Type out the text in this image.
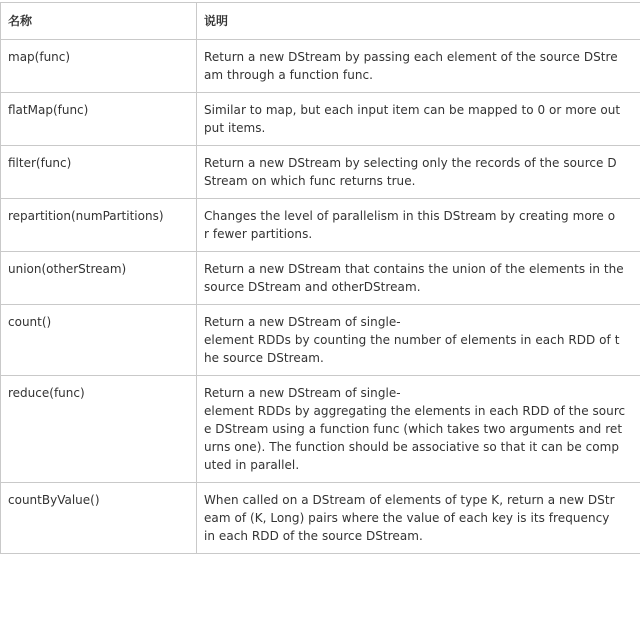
名称	说明

map(func)	Return a new DStream by passing each element of the source DStre
am through a function func.
flatMap(func)	Similar to map, but each input item can be mapped to 0 or more out
put items.
filter(func)	Return a new DStream by selecting only the records of the source D
Stream on which func returns true.
repartition(numPartitions)	Changes the level of parallelism in this DStream by creating more o
r fewer partitions.
union(otherStream)	Return a new DStream that contains the union of the elements in the
source DStream and otherDStream.
count()	Return a new DStream of single-
element RDDs by counting the number of elements in each RDD of t
he source DStream.
reduce(func)	Return a new DStream of single-
element RDDs by aggregating the elements in each RDD of the sourc
e DStream using a function func (which takes two arguments and ret
urns one). The function should be associative so that it can be comp
uted in parallel.
countByValue()	When called on a DStream of elements of type K, return a new DStr
eam of (K, Long) pairs where the value of each key is its frequency
in each RDD of the source DStream.
